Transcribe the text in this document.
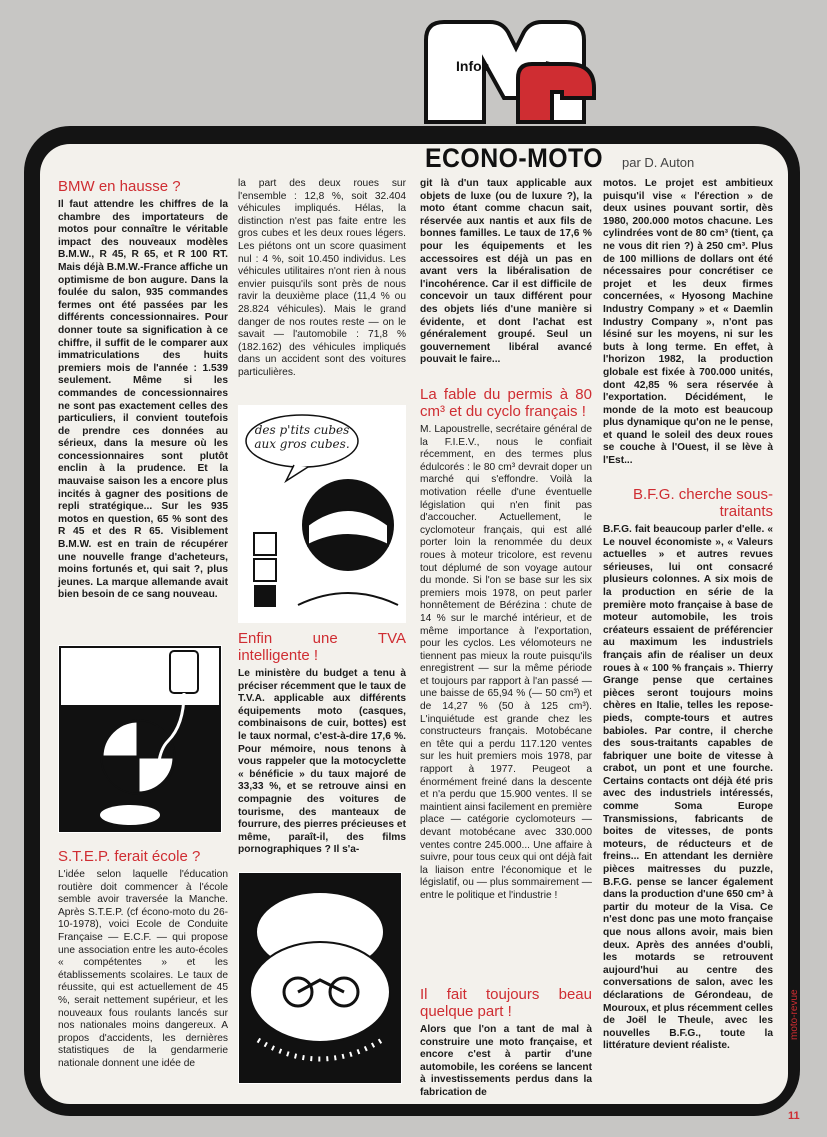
Infos
ECONO-MOTO par D. Auton
BMW en hausse ?

Il faut attendre les chiffres de la chambre des importateurs de motos pour connaître le véritable impact des nouveaux modèles B.M.W., R 45, R 65, et R 100 RT. Mais déjà B.M.W.-France affiche un optimisme de bon augure. Dans la foulée du salon, 935 commandes fermes ont été passées par les différents concessionnaires. Pour donner toute sa signification à ce chiffre, il suffit de le comparer aux immatriculations des huits premiers mois de l'année : 1.539 seulement. Même si les commandes de concessionnaires ne sont pas exactement celles des particuliers, il convient toutefois de prendre ces données au sérieux, dans la mesure où les concessionnaires sont plutôt enclin à la prudence. Et la mauvaise saison les a encore plus incités à gagner des positions de repli stratégique... Sur les 935 motos en question, 65 % sont des R 45 et des R 65. Visiblement B.M.W. est en train de récupérer une nouvelle frange d'acheteurs, moins fortunés et, qui sait ?, plus jeunes. La marque allemande avait bien besoin de ce sang nouveau.

S.T.E.P. ferait école ?

L'idée selon laquelle l'éducation routière doit commencer à l'école semble avoir traversée la Manche. Après S.T.E.P. (cf écono-moto du 26-10-1978), voici Ecole de Conduite Française — E.C.F. — qui propose une association entre les auto-écoles « compétentes » et les établissements scolaires. Le taux de réussite, qui est actuellement de 45 %, serait nettement supérieur, et les nouveaux fous roulants lancés sur nos nationales moins dangereux. A propos d'accidents, les dernières statistiques de la gendarmerie nationale donnent une idée de

la part des deux roues sur l'ensemble : 12,8 %, soit 32.404 véhicules impliqués. Hélas, la distinction n'est pas faite entre les gros cubes et les deux roues légers. Les piétons ont un score quasiment nul : 4 %, soit 10.450 individus. Les véhicules utilitaires n'ont rien à nous envier puisqu'ils sont près de nous ravir la deuxième place (11,4 % ou 28.824 véhicules). Mais le grand danger de nos routes reste — on le savait — l'automobile : 71,8 % (182.162) des véhicules impliqués dans un accident sont des voitures particulières.

des p'tits cubes aux gros cubes.
Enfin une TVA intelligente !

Le ministère du budget a tenu à préciser récemment que le taux de T.V.A. applicable aux différents équipements moto (casques, combinaisons de cuir, bottes) est le taux normal, c'est-à-dire 17,6 %. Pour mémoire, nous tenons à vous rappeler que la motocyclette « bénéficie » du taux majoré de 33,33 %, et se retrouve ainsi en compagnie des voitures de tourisme, des manteaux de fourrure, des pierres précieuses et même, paraît-il, des films pornographiques ? Il s'a-

git là d'un taux applicable aux objets de luxe (ou de luxure ?), la moto étant comme chacun sait, réservée aux nantis et aux fils de bonnes familles. Le taux de 17,6 % pour les équipements et les accessoires est déjà un pas en avant vers la libéralisation de l'incohérence. Car il est difficile de concevoir un taux différent pour des objets liés d'une manière si évidente, et dont l'achat est généralement groupé. Seul un gouvernement libéral avancé pouvait le faire...

La fable du permis à 80 cm³ et du cyclo français !

M. Lapoustrelle, secrétaire général de la F.I.E.V., nous le confiait récemment, en des termes plus édulcorés : le 80 cm³ devrait doper un marché qui s'effondre. Voilà la motivation réelle d'une éventuelle législation qui n'en finit pas d'accoucher. Actuellement, le cyclomoteur français, qui est allé porter loin la renommée du deux roues à moteur tricolore, est revenu tout déplumé de son voyage autour du monde. Si l'on se base sur les six premiers mois 1978, on peut parler honnêtement de Bérézina : chute de 14 % sur le marché intérieur, et de même importance à l'exportation, pour les cyclos. Les vélomoteurs ne tiennent pas mieux la route puisqu'ils enregistrent — sur la même période et toujours par rapport à l'an passé — une baisse de 65,94 % (— 50 cm³) et de 14,27 % (50 à 125 cm³). L'inquiétude est grande chez les constructeurs français. Motobécane en tête qui a perdu 117.120 ventes sur les huit premiers mois 1978, par rapport à 1977. Peugeot a énormément freiné dans la descente et n'a perdu que 15.900 ventes. Il se maintient ainsi facilement en première place — catégorie cyclomoteurs — devant motobécane avec 330.000 ventes contre 245.000... Une affaire à suivre, pour tous ceux qui ont déjà fait la liaison entre l'économique et le législatif, ou — plus sommairement — entre le politique et l'industrie !

Il fait toujours beau quelque part !

Alors que l'on a tant de mal à construire une moto française, et encore c'est à partir d'une automobile, les coréens se lancent à investissements perdus dans la fabrication de

motos. Le projet est ambitieux puisqu'il vise « l'érection » de deux usines pouvant sortir, dès 1980, 200.000 motos chacune. Les cylindrées vont de 80 cm³ (tient, ça ne vous dit rien ?) à 250 cm³. Plus de 100 millions de dollars ont été nécessaires pour concrétiser ce projet et les deux firmes concernées, « Hyosong Machine Industry Company » et « Daemlin Industry Company », n'ont pas lésiné sur les moyens, ni sur les buts à long terme. En effet, à l'horizon 1982, la production globale est fixée à 700.000 unités, dont 42,85 % sera réservée à l'exportation. Décidément, le monde de la moto est beaucoup plus dynamique qu'on ne le pense, et quand le soleil des deux roues se couche à l'Ouest, il se lève à l'Est...

B.F.G. cherche sous-traitants

B.F.G. fait beaucoup parler d'elle. « Le nouvel économiste », « Valeurs actuelles » et autres revues sérieuses, lui ont consacré plusieurs colonnes. A six mois de la production en série de la première moto française à base de moteur automobile, les trois créateurs essaient de préférencier au maximum les industriels français afin de réaliser un deux roues à « 100 % français ». Thierry Grange pense que certaines pièces seront toujours moins chères en Italie, telles les repose-pieds, compte-tours et autres babioles. Par contre, il cherche des sous-traitants capables de fabriquer une boite de vitesse à crabot, un pont et une fourche. Certains contacts ont déjà été pris avec des industriels intéressés, comme Soma Europe Transmissions, fabricants de boites de vitesses, de ponts moteurs, de réducteurs et de freins... En attendant les dernière pièces maitresses du puzzle, B.F.G. pense se lancer également dans la production d'une 650 cm³ à partir du moteur de la Visa. Ce n'est donc pas une moto française que nous allons avoir, mais bien deux. Après des années d'oubli, les motards se retrouvent aujourd'hui au centre des conversations de salon, avec les déclarations de Gérondeau, de Mouroux, et plus récemment celles de Joël le Theule, avec les nouvelles B.F.G., toute la littérature devient réaliste.

moto-revue
11
